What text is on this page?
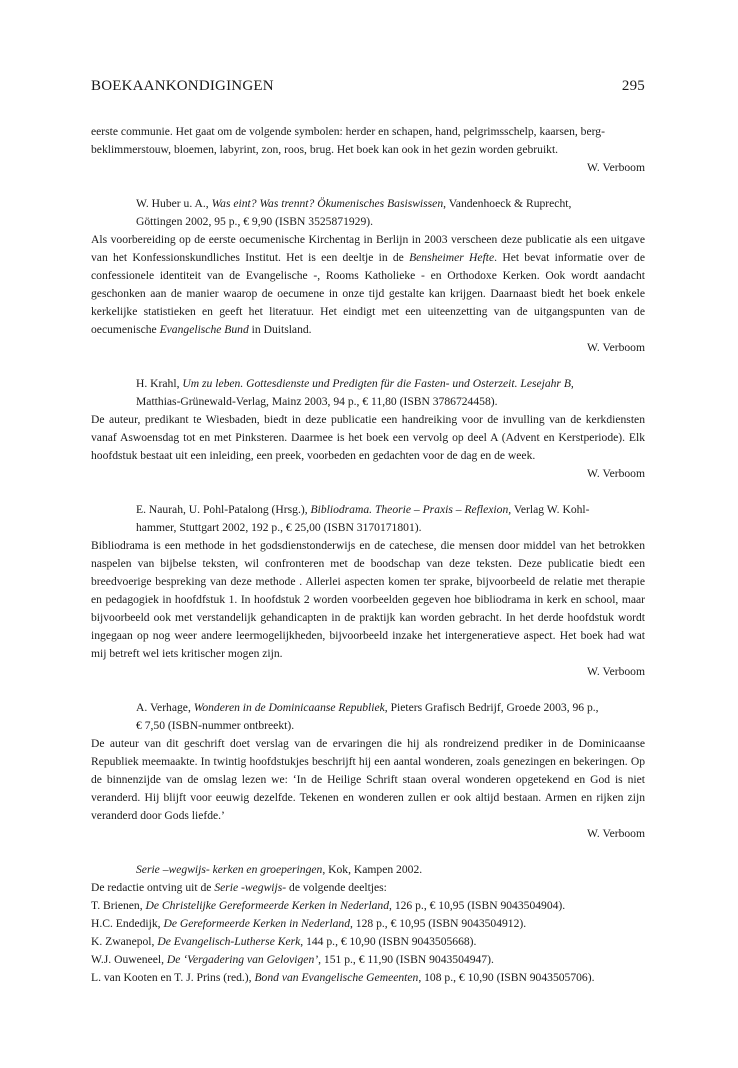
BOEKAANKONDIGINGEN	295

eerste communie. Het gaat om de volgende symbolen: herder en schapen, hand, pelgrimsschelp, kaarsen, berg-
beklimmerstouw, bloemen, labyrint, zon, roos, brug. Het boek kan ook in het gezin worden gebruikt.

W. Verboom

W. Huber u. A., Was eint? Was trennt? Ökumenisches Basiswissen, Vandenhoeck & Ruprecht,
Göttingen 2002, 95 p., € 9,90 (ISBN 3525871929).

Als voorbereiding op de eerste oecumenische Kirchentag in Berlijn in 2003 verscheen deze publicatie als een uitgave van het Konfessionskundliches Institut. Het is een deeltje in de Bensheimer Hefte. Het bevat informatie over de confessionele identiteit van de Evangelische -, Rooms Katholieke - en Orthodoxe Kerken. Ook wordt aandacht geschonken aan de manier waarop de oecumene in onze tijd gestalte kan krijgen. Daarnaast biedt het boek enkele kerkelijke statistieken en geeft het literatuur. Het eindigt met een uiteenzetting van de uitgangspunten van de oecumenische Evangelische Bund in Duitsland.

W. Verboom

H. Krahl, Um zu leben. Gottesdienste und Predigten für die Fasten- und Osterzeit. Lesejahr B,
Matthias-Grünewald-Verlag, Mainz 2003, 94 p., € 11,80 (ISBN 3786724458).

De auteur, predikant te Wiesbaden, biedt in deze publicatie een handreiking voor de invulling van de kerkdiensten vanaf Aswoensdag tot en met Pinksteren. Daarmee is het boek een vervolg op deel A (Advent en Kerstperiode). Elk hoofdstuk bestaat uit een inleiding, een preek, voorbeden en gedachten voor de dag en de week.

W. Verboom

E. Naurah, U. Pohl-Patalong (Hrsg.), Bibliodrama. Theorie – Praxis – Reflexion, Verlag W. Kohl-
hammer, Stuttgart 2002, 192 p., € 25,00 (ISBN 3170171801).

Bibliodrama is een methode in het godsdienstonderwijs en de catechese, die mensen door middel van het betrokken naspelen van bijbelse teksten, wil confronteren met de boodschap van deze teksten. Deze publicatie biedt een breedvoerige bespreking van deze methode . Allerlei aspecten komen ter sprake, bijvoorbeeld de relatie met therapie en pedagogiek in hoofdfstuk 1. In hoofdstuk 2 worden voorbeelden gegeven hoe bibliodrama in kerk en school, maar bijvoorbeeld ook met verstandelijk gehandicapten in de praktijk kan worden gebracht. In het derde hoofdstuk wordt ingegaan op nog weer andere leermogelijkheden, bijvoorbeeld inzake het intergeneratieve aspect. Het boek had wat mij betreft wel iets kritischer mogen zijn.

W. Verboom

A. Verhage, Wonderen in de Dominicaanse Republiek, Pieters Grafisch Bedrijf, Groede 2003, 96 p.,
€ 7,50 (ISBN-nummer ontbreekt).

De auteur van dit geschrift doet verslag van de ervaringen die hij als rondreizend prediker in de Dominicaanse Republiek meemaakte. In twintig hoofdstukjes beschrijft hij een aantal wonderen, zoals genezingen en bekeringen. Op de binnenzijde van de omslag lezen we: ‘In de Heilige Schrift staan overal wonderen opgetekend en God is niet veranderd. Hij blijft voor eeuwig dezelfde. Tekenen en wonderen zullen er ook altijd bestaan. Armen en rijken zijn veranderd door Gods liefde.’

W. Verboom

Serie –wegwijs- kerken en groeperingen, Kok, Kampen 2002.

De redactie ontving uit de Serie -wegwijs- de volgende deeltjes:

T. Brienen, De Christelijke Gereformeerde Kerken in Nederland, 126 p., € 10,95 (ISBN 9043504904).

H.C. Endedijk, De Gereformeerde Kerken in Nederland, 128 p., € 10,95 (ISBN 9043504912).

K. Zwanepol, De Evangelisch-Lutherse Kerk, 144 p., € 10,90 (ISBN 9043505668).

W.J. Ouweneel, De ‘Vergadering van Gelovigen’, 151 p., € 11,90 (ISBN 9043504947).

L. van Kooten en T. J. Prins (red.), Bond van Evangelische Gemeenten, 108 p., € 10,90 (ISBN 9043505706).
